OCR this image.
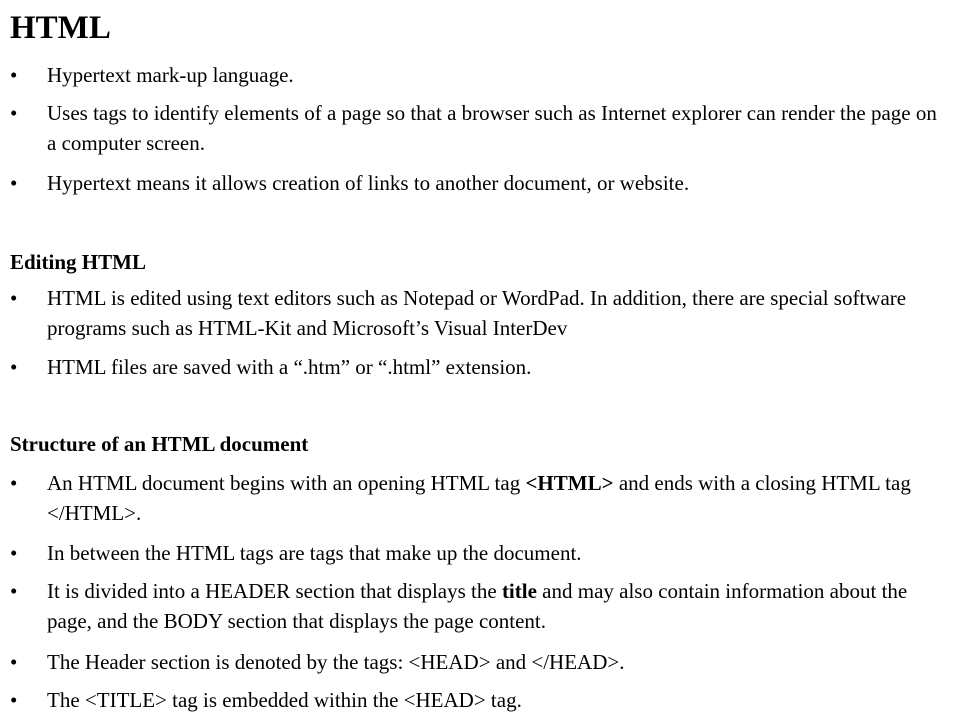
HTML
•	Hypertext mark-up language.
•	Uses tags to identify elements of a page so that a browser such as Internet explorer can render the page on a computer screen.
•	Hypertext means it allows creation of links to another document, or website.
Editing HTML
•	HTML is edited using text editors such as Notepad or WordPad. In addition, there are special software programs such as HTML-Kit and Microsoft’s Visual InterDev
•	HTML files are saved with a “.htm” or “.html” extension.
Structure of an HTML document
•	An HTML document begins with an opening HTML tag <HTML> and ends with a closing HTML tag </HTML>.
•	In between the HTML tags are tags that make up the document.
•	It is divided into a HEADER section that displays the title and may also contain information about the page, and the BODY section that displays the page content.
•	The Header section is denoted by the tags: <HEAD> and </HEAD>.
•	The <TITLE> tag is embedded within the <HEAD> tag.
